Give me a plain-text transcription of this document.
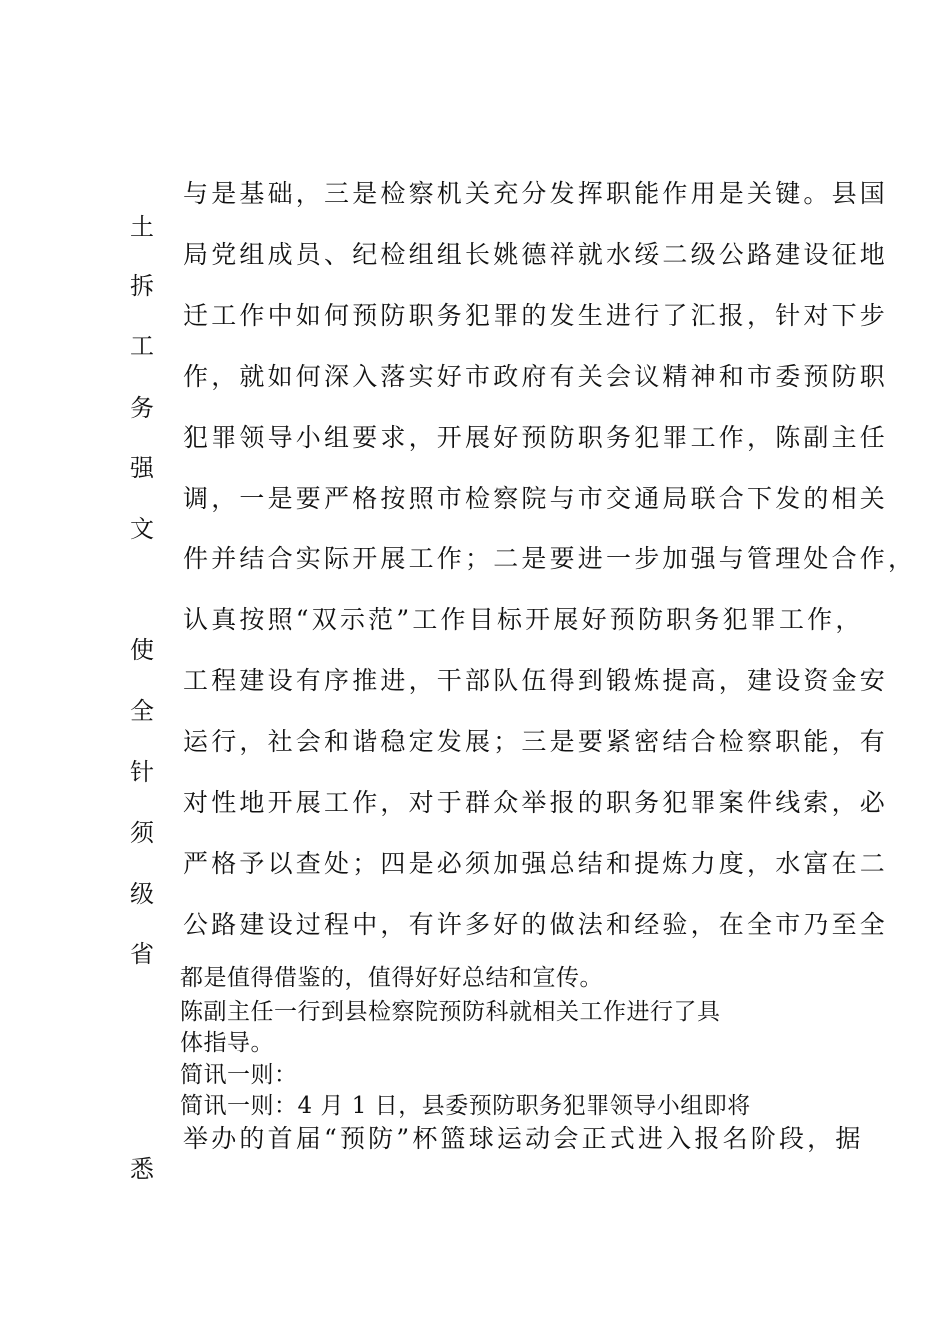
与是基础，三是检察机关充分发挥职能作用是关键。县国
局党组成员、纪检组组长姚德祥就水绥二级公路建设征地
迁工作中如何预防职务犯罪的发生进行了汇报，针对下步
作，就如何深入落实好市政府有关会议精神和市委预防职
犯罪领导小组要求，开展好预防职务犯罪工作，陈副主任
调，一是要严格按照市检察院与市交通局联合下发的相关
件并结合实际开展工作；二是要进一步加强与管理处合作，
认真按照“双示范”工作目标开展好预防职务犯罪工作，
工程建设有序推进，干部队伍得到锻炼提高，建设资金安
运行，社会和谐稳定发展；三是要紧密结合检察职能，有
对性地开展工作，对于群众举报的职务犯罪案件线索，必
严格予以查处；四是必须加强总结和提炼力度，水富在二
公路建设过程中，有许多好的做法和经验，在全市乃至全
都是值得借鉴的，值得好好总结和宣传。
陈副主任一行到县检察院预防科就相关工作进行了具
体指导。
简讯一则：
简讯一则：4 月 1 日，县委预防职务犯罪领导小组即将
举办的首届“预防”杯篮球运动会正式进入报名阶段，据
土
拆
工
务
强
文
使
全
针
须
级
省
悉
